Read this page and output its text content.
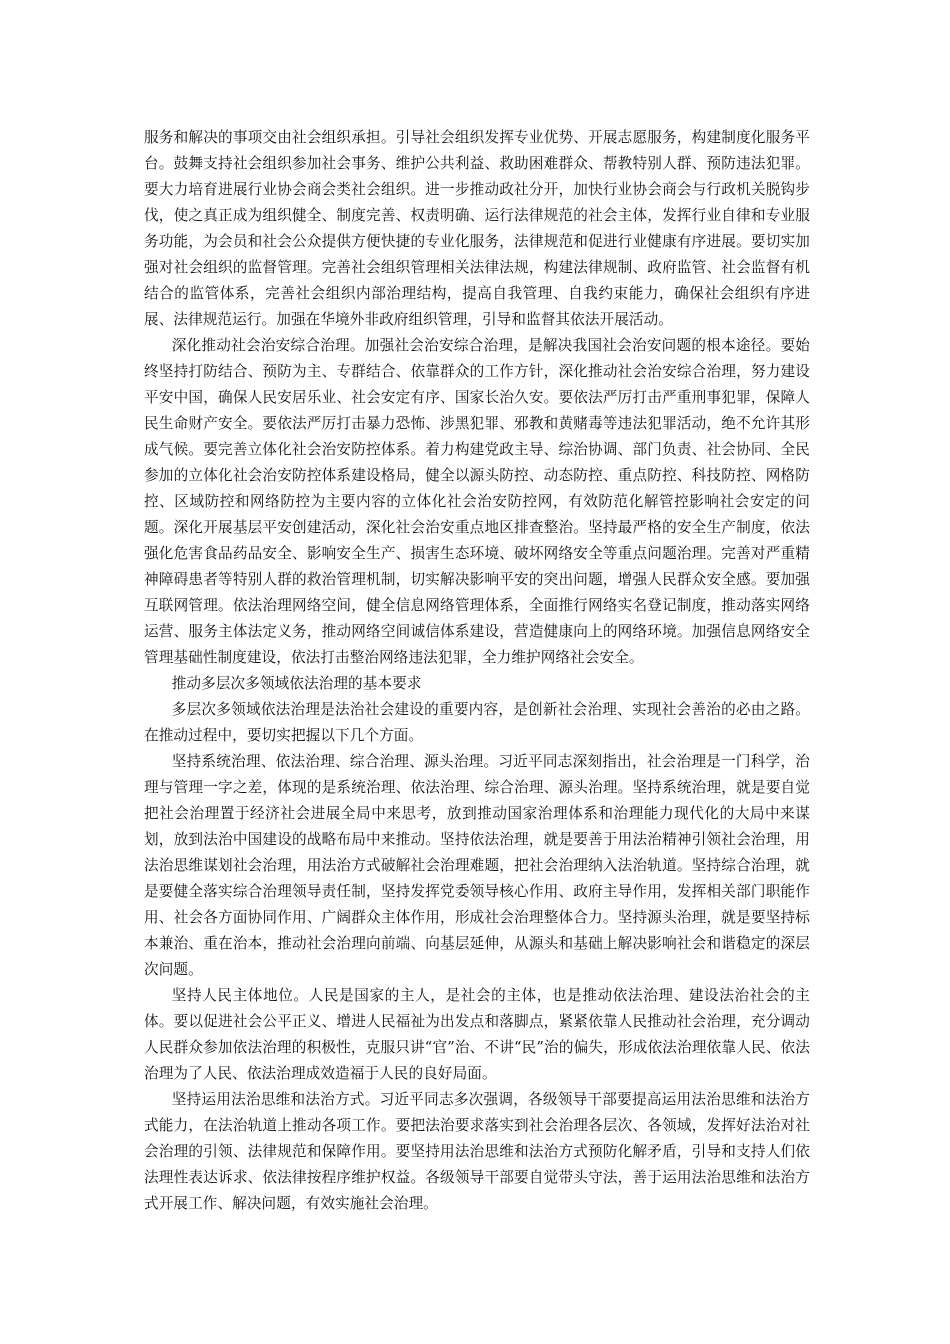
服务和解决的事项交由社会组织承担。引导社会组织发挥专业优势、开展志愿服务，构建制度化服务平台。鼓舞支持社会组织参加社会事务、维护公共利益、救助困难群众、帮教特别人群、预防违法犯罪。要大力培育进展行业协会商会类社会组织。进一步推动政社分开，加快行业协会商会与行政机关脱钩步伐，使之真正成为组织健全、制度完善、权责明确、运行法律规范的社会主体，发挥行业自律和专业服务功能，为会员和社会公众提供方便快捷的专业化服务，法律规范和促进行业健康有序进展。要切实加强对社会组织的监督管理。完善社会组织管理相关法律法规，构建法律规制、政府监管、社会监督有机结合的监管体系，完善社会组织内部治理结构，提高自我管理、自我约束能力，确保社会组织有序进展、法律规范运行。加强在华境外非政府组织管理，引导和监督其依法开展活动。

深化推动社会治安综合治理。加强社会治安综合治理，是解决我国社会治安问题的根本途径。要始终坚持打防结合、预防为主、专群结合、依靠群众的工作方针，深化推动社会治安综合治理，努力建设平安中国，确保人民安居乐业、社会安定有序、国家长治久安。要依法严厉打击严重刑事犯罪，保障人民生命财产安全。要依法严厉打击暴力恐怖、涉黑犯罪、邪教和黄赌毒等违法犯罪活动，绝不允许其形成气候。要完善立体化社会治安防控体系。着力构建党政主导、综治协调、部门负责、社会协同、全民参加的立体化社会治安防控体系建设格局，健全以源头防控、动态防控、重点防控、科技防控、网格防控、区域防控和网络防控为主要内容的立体化社会治安防控网，有效防范化解管控影响社会安定的问题。深化开展基层平安创建活动，深化社会治安重点地区排查整治。坚持最严格的安全生产制度，依法强化危害食品药品安全、影响安全生产、损害生态环境、破坏网络安全等重点问题治理。完善对严重精神障碍患者等特别人群的救治管理机制，切实解决影响平安的突出问题，增强人民群众安全感。要加强互联网管理。依法治理网络空间，健全信息网络管理体系，全面推行网络实名登记制度，推动落实网络运营、服务主体法定义务，推动网络空间诚信体系建设，营造健康向上的网络环境。加强信息网络安全管理基础性制度建设，依法打击整治网络违法犯罪，全力维护网络社会安全。

推动多层次多领域依法治理的基本要求

多层次多领域依法治理是法治社会建设的重要内容，是创新社会治理、实现社会善治的必由之路。在推动过程中，要切实把握以下几个方面。

坚持系统治理、依法治理、综合治理、源头治理。习近平同志深刻指出，社会治理是一门科学，治理与管理一字之差，体现的是系统治理、依法治理、综合治理、源头治理。坚持系统治理，就是要自觉把社会治理置于经济社会进展全局中来思考，放到推动国家治理体系和治理能力现代化的大局中来谋划，放到法治中国建设的战略布局中来推动。坚持依法治理，就是要善于用法治精神引领社会治理，用法治思维谋划社会治理，用法治方式破解社会治理难题，把社会治理纳入法治轨道。坚持综合治理，就是要健全落实综合治理领导责任制，坚持发挥党委领导核心作用、政府主导作用，发挥相关部门职能作用、社会各方面协同作用、广阔群众主体作用，形成社会治理整体合力。坚持源头治理，就是要坚持标本兼治、重在治本，推动社会治理向前端、向基层延伸，从源头和基础上解决影响社会和谐稳定的深层次问题。

坚持人民主体地位。人民是国家的主人，是社会的主体，也是推动依法治理、建设法治社会的主体。要以促进社会公平正义、增进人民福祉为出发点和落脚点，紧紧依靠人民推动社会治理，充分调动人民群众参加依法治理的积极性，克服只讲“官”治、不讲“民”治的偏失，形成依法治理依靠人民、依法治理为了人民、依法治理成效造福于人民的良好局面。

坚持运用法治思维和法治方式。习近平同志多次强调，各级领导干部要提高运用法治思维和法治方式能力，在法治轨道上推动各项工作。要把法治要求落实到社会治理各层次、各领域，发挥好法治对社会治理的引领、法律规范和保障作用。要坚持用法治思维和法治方式预防化解矛盾，引导和支持人们依法理性表达诉求、依法律按程序维护权益。各级领导干部要自觉带头守法，善于运用法治思维和法治方式开展工作、解决问题，有效实施社会治理。
